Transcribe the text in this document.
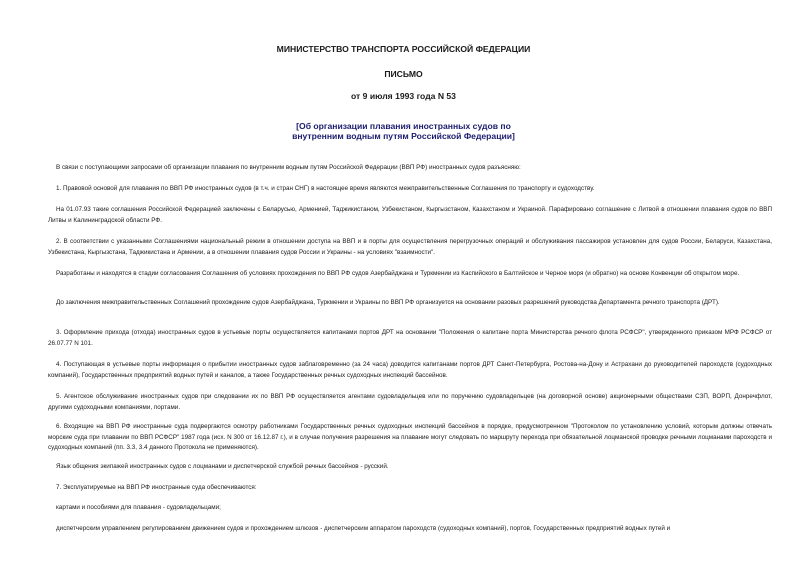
МИНИСТЕРСТВО ТРАНСПОРТА РОССИЙСКОЙ ФЕДЕРАЦИИ
ПИСЬМО
от 9 июля 1993 года N 53
[Об организации плавания иностранных судов по
внутренним водным путям Российской Федерации]

В связи с поступающими запросами об организации плавания по внутренним водным путям Российской Федерации (ВВП РФ) иностранных судов разъясняю:

1. Правовой основой для плавания по ВВП РФ иностранных судов (в т.ч. и стран СНГ) в настоящее время являются межправительственные Соглашения по транспорту и судоходству.

На 01.07.93 такие соглашения Российской Федерацией заключены с Беларусью, Арменией, Таджикистаном, Узбекистаном, Кыргызстаном, Казахстаном и Украиной. Парафировано соглашение с Литвой в отношении плавания судов по ВВП Литвы и Калининградской области РФ.

2. В соответствии с указанными Соглашениями национальный режим в отношении доступа на ВВП и в порты для осуществления перегрузочных операций и обслуживания пассажиров установлен для судов России, Беларуси, Казахстана, Узбекистана, Кыргызстана, Таджикистана и Армении, а в отношении плавания судов России и Украины - на условиях "взаимности".

Разработаны и находятся в стадии согласования Соглашения об условиях прохождения по ВВП РФ судов Азербайджана и Туркмении из Каспийского в Балтийское и Черное моря (и обратно) на основе Конвенции об открытом море.

До заключения межправительственных Соглашений прохождение судов Азербайджана, Туркмении и Украины по ВВП РФ организуется на основании разовых разрешений руководства Департамента речного транспорта (ДРТ).

3. Оформление прихода (отхода) иностранных судов в устьевые порты осуществляется капитанами портов ДРТ на основании "Положения о капитане порта Министерства речного флота РСФСР", утвержденного приказом МРФ РСФСР от 26.07.77 N 101.

4. Поступающая в устьевые порты информация о прибытии иностранных судов заблаговременно (за 24 часа) доводится капитанами портов ДРТ Санкт-Петербурга, Ростова-на-Дону и Астрахани до руководителей пароходств (судоходных компаний), Государственных предприятий водных путей и каналов, а также Государственных речных судоходных инспекций бассейнов.

5. Агентское обслуживание иностранных судов при следовании их по ВВП РФ осуществляется агентами судовладельцев или по поручению судовладельцев (на договорной основе) акционерными обществами СЗП, ВОРП, Донречфлот, другими судоходными компаниями, портами.

6. Входящие на ВВП РФ иностранные суда подвергаются осмотру работниками Государственных речных судоходных инспекций бассейнов в порядке, предусмотренном "Протоколом по установлению условий, которым должны отвечать морские суда при плавании по ВВП РСФСР" 1987 года (исх. N 300 от 16.12.87 г.), и в случае получения разрешения на плавание могут следовать по маршруту перехода при обязательной лоцманской проводке речными лоцманами пароходств и судоходных компаний (пп. 3.3, 3.4 данного Протокола не применяются).

Язык общения экипажей иностранных судов с лоцманами и диспетчерской службой речных бассейнов - русский.

7. Эксплуатируемые на ВВП РФ иностранные суда обеспечиваются:

картами и пособиями для плавания - судовладельцами;

диспетчерским управлением регулированием движением судов и прохождением шлюзов - диспетчерским аппаратом пароходств (судоходных компаний), портов, Государственных предприятий водных путей и
